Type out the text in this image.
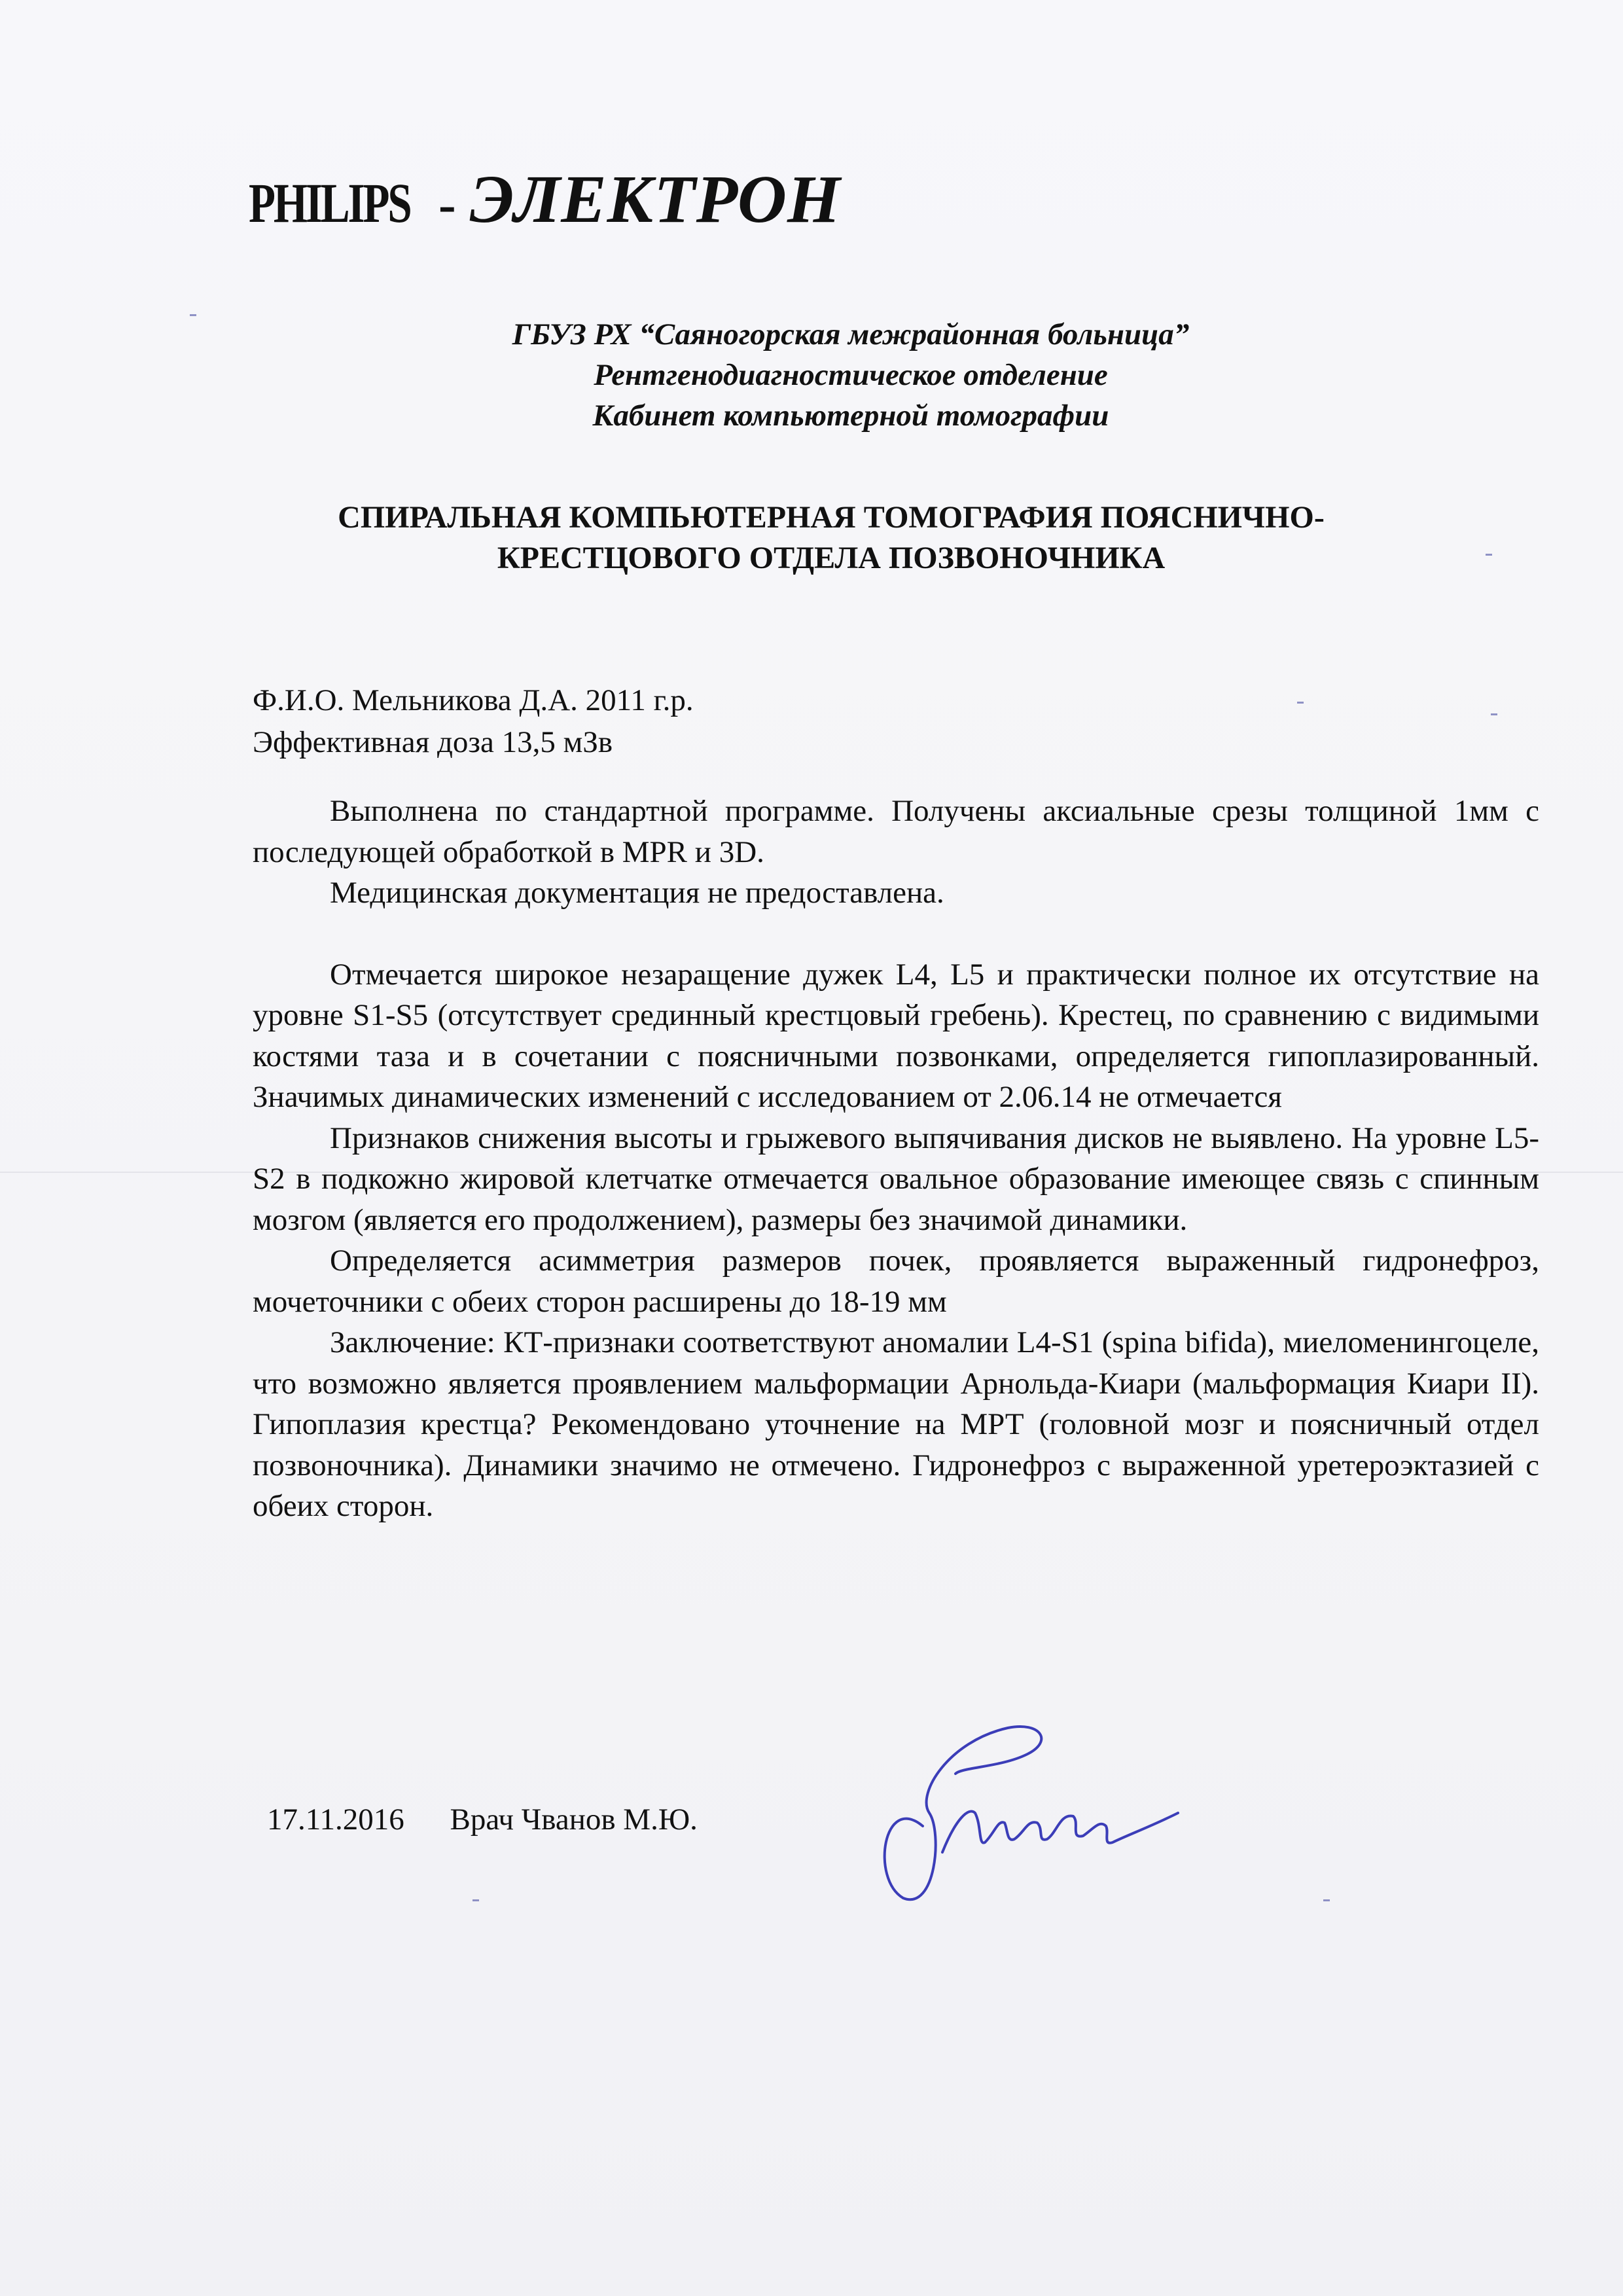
PHILIPS - ЭЛЕКТРОН
ГБУЗ РХ “Саяногорская межрайонная больница”
Рентгенодиагностическое отделение
Кабинет компьютерной томографии
СПИРАЛЬНАЯ КОМПЬЮТЕРНАЯ ТОМОГРАФИЯ ПОЯСНИЧНО-
КРЕСТЦОВОГО ОТДЕЛА ПОЗВОНОЧНИКА
Ф.И.О. Мельникова Д.А. 2011 г.р.
Эффективная доза 13,5 мЗв

Выполнена по стандартной программе. Получены аксиальные срезы толщиной 1мм с последующей обработкой в MPR и 3D.

Медицинская документация не предоставлена.

Отмечается широкое незаращение дужек L4, L5 и практически полное их отсутствие на уровне S1-S5 (отсутствует срединный крестцовый гребень). Крестец, по сравнению с видимыми костями таза и в сочетании с поясничными позвонками, определяется гипоплазированный. Значимых динамических изменений с исследованием от 2.06.14 не отмечается

Признаков снижения высоты и грыжевого выпячивания дисков не выявлено. На уровне L5-S2 в подкожно жировой клетчатке отмечается овальное образование имеющее связь с спинным мозгом (является его продолжением), размеры без значимой динамики.

Определяется асимметрия размеров почек, проявляется выраженный гидронефроз, мочеточники с обеих сторон расширены до 18-19 мм

Заключение: КТ-признаки соответствуют аномалии L4-S1 (spina bifida), миеломенингоцеле, что возможно является проявлением мальформации Арнольда-Киари (мальформация Киари II). Гипоплазия крестца? Рекомендовано уточнение на МРТ (головной мозг и поясничный отдел позвоночника). Динамики значимо не отмечено. Гидронефроз с выраженной уретероэктазией с обеих сторон.

17.11.2016 Врач Чванов М.Ю.
